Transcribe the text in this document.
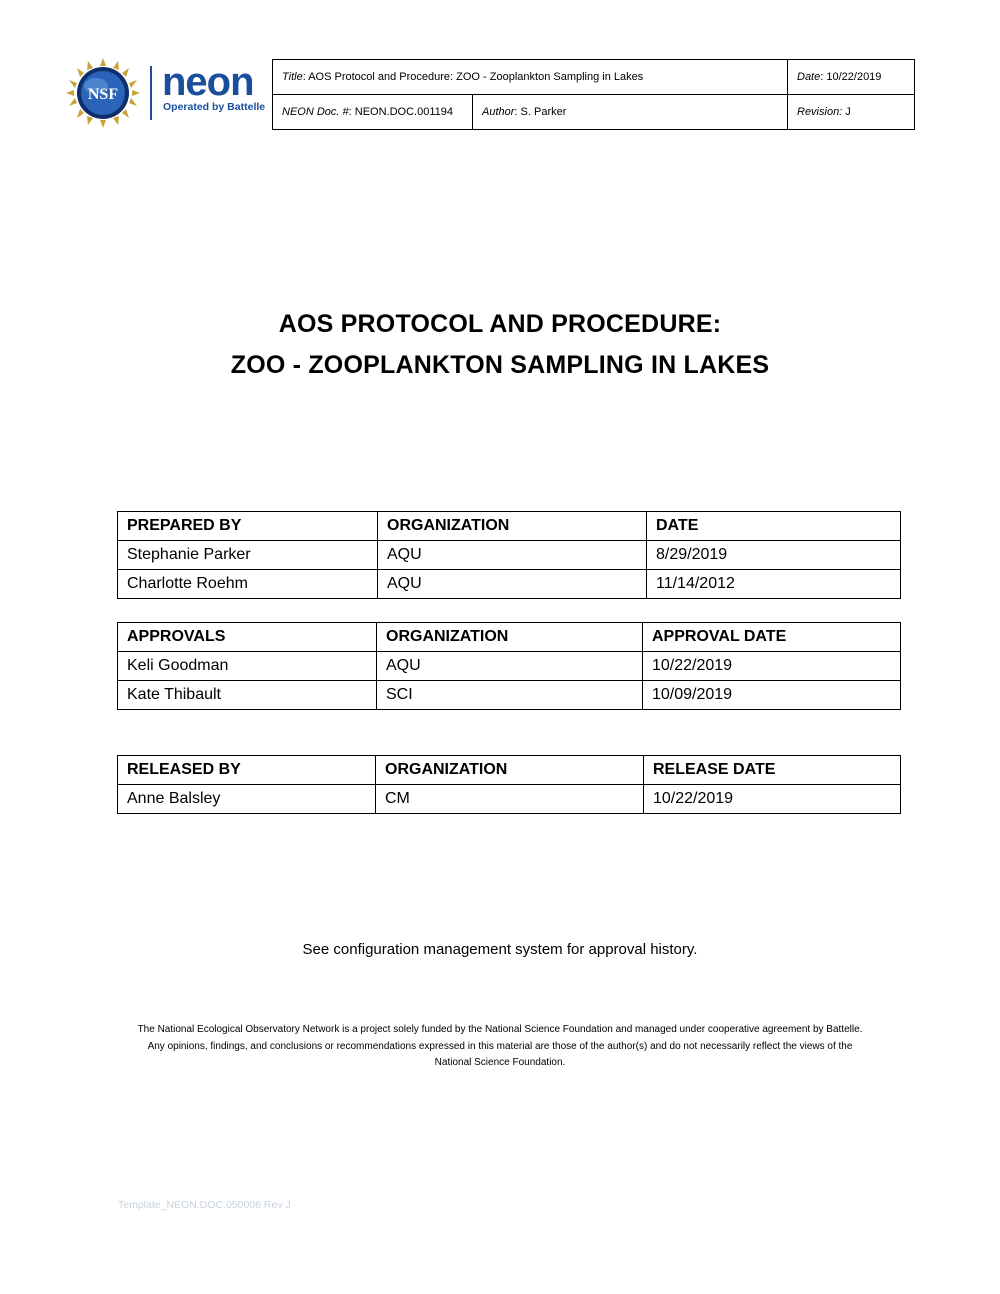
NSF neon
Operated by Battelle
Title: AOS Protocol and Procedure: ZOO - Zooplankton Sampling in Lakes		Date: 10/22/2019
NEON Doc. #: NEON.DOC.001194	Author: S. Parker	Revision: J
AOS PROTOCOL AND PROCEDURE:
ZOO - ZOOPLANKTON SAMPLING IN LAKES
PREPARED BY	ORGANIZATION	DATE
Stephanie Parker	AQU	8/29/2019
Charlotte Roehm	AQU	11/14/2012
APPROVALS	ORGANIZATION	APPROVAL DATE
Keli Goodman	AQU	10/22/2019
Kate Thibault	SCI	10/09/2019
RELEASED BY	ORGANIZATION	RELEASE DATE
Anne Balsley	CM	10/22/2019
See configuration management system for approval history.
The National Ecological Observatory Network is a project solely funded by the National Science Foundation and managed under cooperative agreement by Battelle.
Any opinions, findings, and conclusions or recommendations expressed in this material are those of the author(s) and do not necessarily reflect the views of the
National Science Foundation.
Template_NEON.DOC.050006 Rev J
